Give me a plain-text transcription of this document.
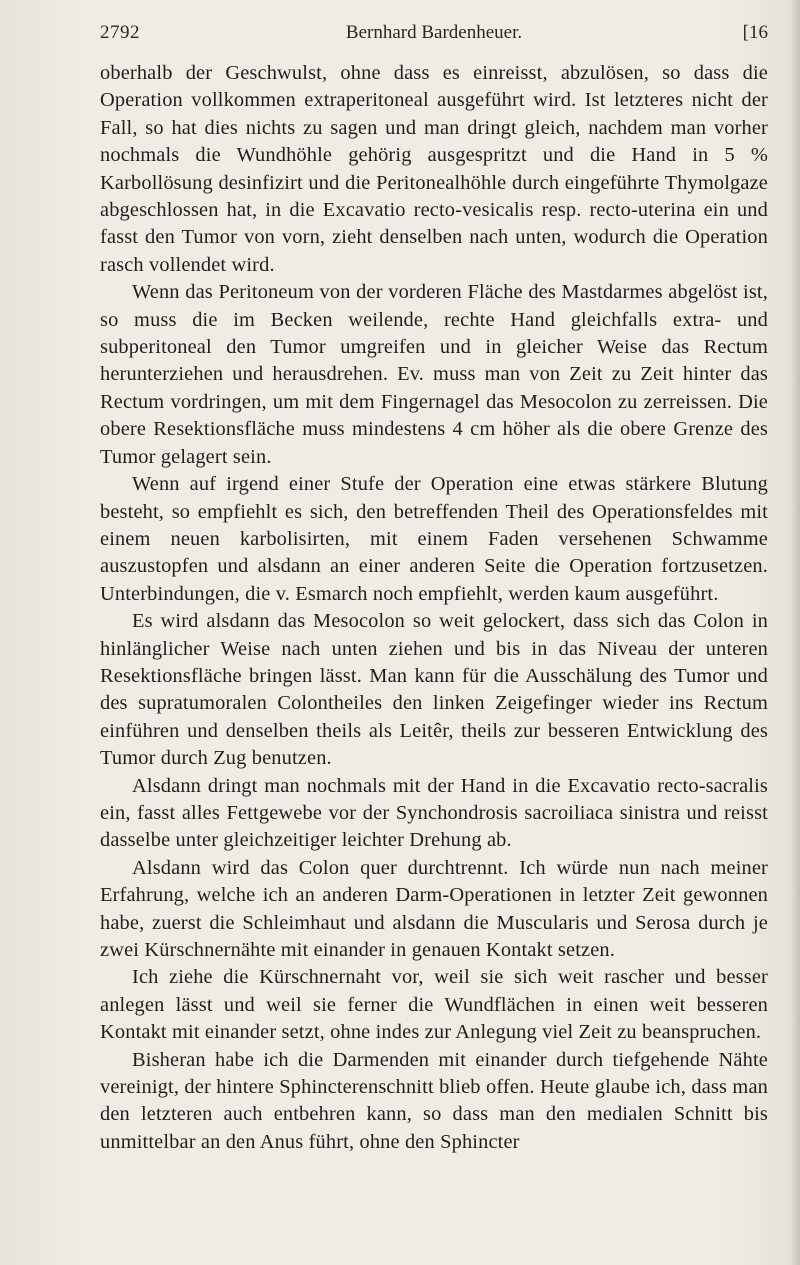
2792	Bernhard Bardenheuer.	[16

oberhalb der Geschwulst, ohne dass es einreisst, abzulösen, so dass die Operation vollkommen extraperitoneal ausgeführt wird. Ist letzteres nicht der Fall, so hat dies nichts zu sagen und man dringt gleich, nachdem man vorher nochmals die Wundhöhle gehörig ausgespritzt und die Hand in 5 % Karbollösung desinfizirt und die Peritonealhöhle durch eingeführte Thymolgaze abgeschlossen hat, in die Excavatio recto-vesicalis resp. recto-uterina ein und fasst den Tumor von vorn, zieht denselben nach unten, wodurch die Operation rasch vollendet wird.

Wenn das Peritoneum von der vorderen Fläche des Mastdarmes abgelöst ist, so muss die im Becken weilende, rechte Hand gleichfalls extra- und subperitoneal den Tumor umgreifen und in gleicher Weise das Rectum herunterziehen und herausdrehen. Ev. muss man von Zeit zu Zeit hinter das Rectum vordringen, um mit dem Fingernagel das Mesocolon zu zerreissen. Die obere Resektionsfläche muss mindestens 4 cm höher als die obere Grenze des Tumor gelagert sein.

Wenn auf irgend einer Stufe der Operation eine etwas stärkere Blutung besteht, so empfiehlt es sich, den betreffenden Theil des Operationsfeldes mit einem neuen karbolisirten, mit einem Faden versehenen Schwamme auszustopfen und alsdann an einer anderen Seite die Operation fortzusetzen. Unterbindungen, die v. Esmarch noch empfiehlt, werden kaum ausgeführt.

Es wird alsdann das Mesocolon so weit gelockert, dass sich das Colon in hinlänglicher Weise nach unten ziehen und bis in das Niveau der unteren Resektionsfläche bringen lässt. Man kann für die Ausschälung des Tumor und des supratumoralen Colontheiles den linken Zeigefinger wieder ins Rectum einführen und denselben theils als Leitêr, theils zur besseren Entwicklung des Tumor durch Zug benutzen.

Alsdann dringt man nochmals mit der Hand in die Excavatio recto-sacralis ein, fasst alles Fettgewebe vor der Synchondrosis sacroiliaca sinistra und reisst dasselbe unter gleichzeitiger leichter Drehung ab.

Alsdann wird das Colon quer durchtrennt. Ich würde nun nach meiner Erfahrung, welche ich an anderen Darm-Operationen in letzter Zeit gewonnen habe, zuerst die Schleimhaut und alsdann die Muscularis und Serosa durch je zwei Kürschnernähte mit einander in genauen Kontakt setzen.

Ich ziehe die Kürschnernaht vor, weil sie sich weit rascher und besser anlegen lässt und weil sie ferner die Wundflächen in einen weit besseren Kontakt mit einander setzt, ohne indes zur Anlegung viel Zeit zu beanspruchen.

Bisheran habe ich die Darmenden mit einander durch tiefgehende Nähte vereinigt, der hintere Sphincterenschnitt blieb offen. Heute glaube ich, dass man den letzteren auch entbehren kann, so dass man den medialen Schnitt bis unmittelbar an den Anus führt, ohne den Sphincter
